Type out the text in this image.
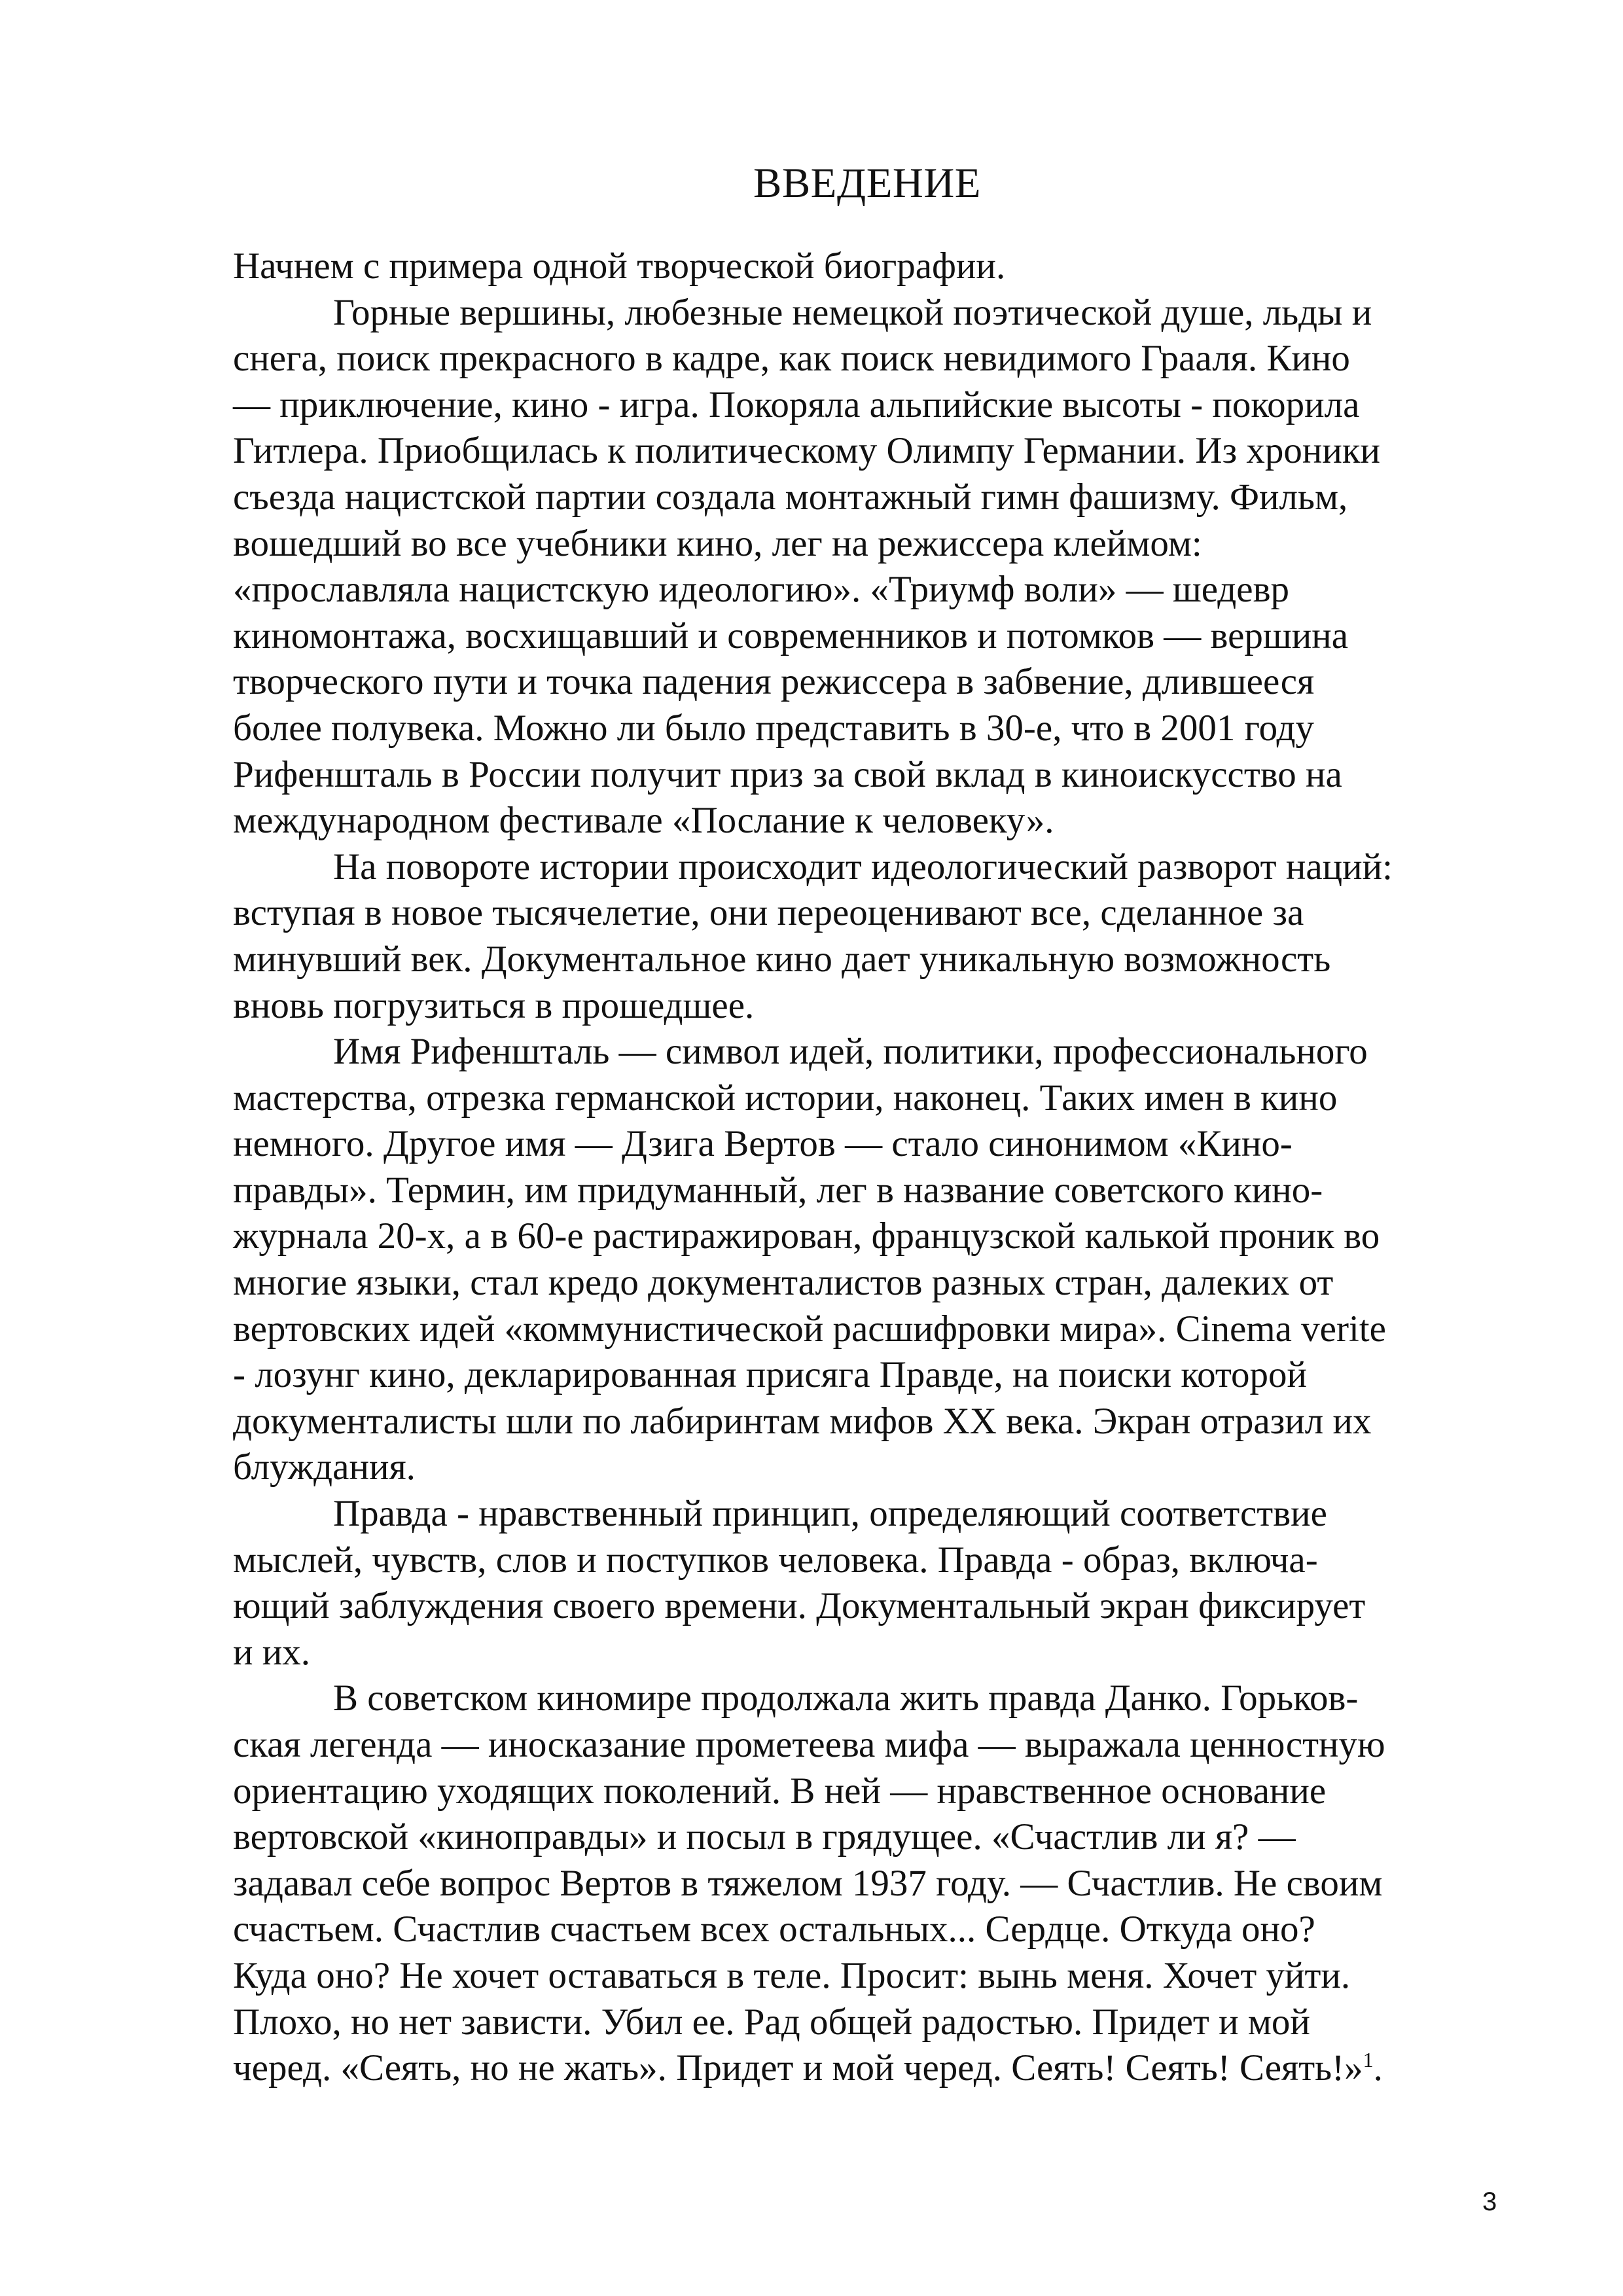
ВВЕДЕНИЕ
Начнем с примера одной творческой биографии.
Горные вершины, любезные немецкой поэтической душе, льды и
снега, поиск прекрасного в кадре, как поиск невидимого Грааля. Кино
— приключение, кино - игра. Покоряла альпийские высоты - покорила
Гитлера. Приобщилась к политическому Олимпу Германии. Из хроники
съезда нацистской партии создала монтажный гимн фашизму. Фильм,
вошедший во все учебники кино, лег на режиссера клеймом:
«прославляла нацистскую идеологию». «Триумф воли» — шедевр
киномонтажа, восхищавший и современников и потомков — вершина
творческого пути и точка падения режиссера в забвение, длившееся
более полувека. Можно ли было представить в 30-е, что в 2001 году
Рифеншталь в России получит приз за свой вклад в киноискусство на
международном фестивале «Послание к человеку».
На повороте истории происходит идеологический разворот наций:
вступая в новое тысячелетие, они переоценивают все, сделанное за
минувший век. Документальное кино дает уникальную возможность
вновь погрузиться в прошедшее.
Имя Рифеншталь — символ идей, политики, профессионального
мастерства, отрезка германской истории, наконец. Таких имен в кино
немного. Другое имя — Дзига Вертов — стало синонимом «Кино-
правды». Термин, им придуманный, лег в название советского кино-
журнала 20-х, а в 60-е растиражирован, французской калькой проник во
многие языки, стал кредо документалистов разных стран, далеких от
вертовских идей «коммунистической расшифровки мира». Cinema verite
- лозунг кино, декларированная присяга Правде, на поиски которой
документалисты шли по лабиринтам мифов XX века. Экран отразил их
блуждания.
Правда - нравственный принцип, определяющий соответствие
мыслей, чувств, слов и поступков человека. Правда - образ, включа-
ющий заблуждения своего времени. Документальный экран фиксирует
и их.
В советском киномире продолжала жить правда Данко. Горьков-
ская легенда — иносказание прометеева мифа — выражала ценностную
ориентацию уходящих поколений. В ней — нравственное основание
вертовской «киноправды» и посыл в грядущее. «Счастлив ли я? —
задавал себе вопрос Вертов в тяжелом 1937 году. — Счастлив. Не своим
счастьем. Счастлив счастьем всех остальных... Сердце. Откуда оно?
Куда оно? Не хочет оставаться в теле. Просит: вынь меня. Хочет уйти.
Плохо, но нет зависти. Убил ее. Рад общей радостью. Придет и мой
черед. «Сеять, но не жать». Придет и мой черед. Сеять! Сеять! Сеять!»$^1$.
3
